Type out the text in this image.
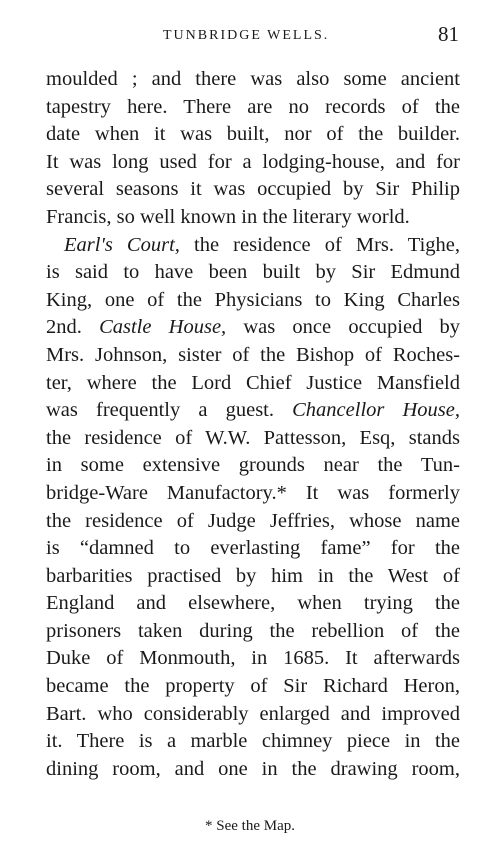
TUNBRIDGE WELLS.	81
moulded ; and there was also some ancient
tapestry here. There are no records of the
date when it was built, nor of the builder.
It was long used for a lodging-house, and for
several seasons it was occupied by Sir Philip
Francis, so well known in the literary world.
Earl's Court, the residence of Mrs. Tighe,
is said to have been built by Sir Edmund
King, one of the Physicians to King Charles
2nd. Castle House, was once occupied by
Mrs. Johnson, sister of the Bishop of Roches-
ter, where the Lord Chief Justice Mansfield
was frequently a guest. Chancellor House,
the residence of W.W. Pattesson, Esq, stands
in some extensive grounds near the Tun-
bridge-Ware Manufactory.* It was formerly
the residence of Judge Jeffries, whose name
is “damned to everlasting fame” for the
barbarities practised by him in the West of
England and elsewhere, when trying the
prisoners taken during the rebellion of the
Duke of Monmouth, in 1685. It afterwards
became the property of Sir Richard Heron,
Bart. who considerably enlarged and improved
it. There is a marble chimney piece in the
dining room, and one in the drawing room,
* See the Map.
